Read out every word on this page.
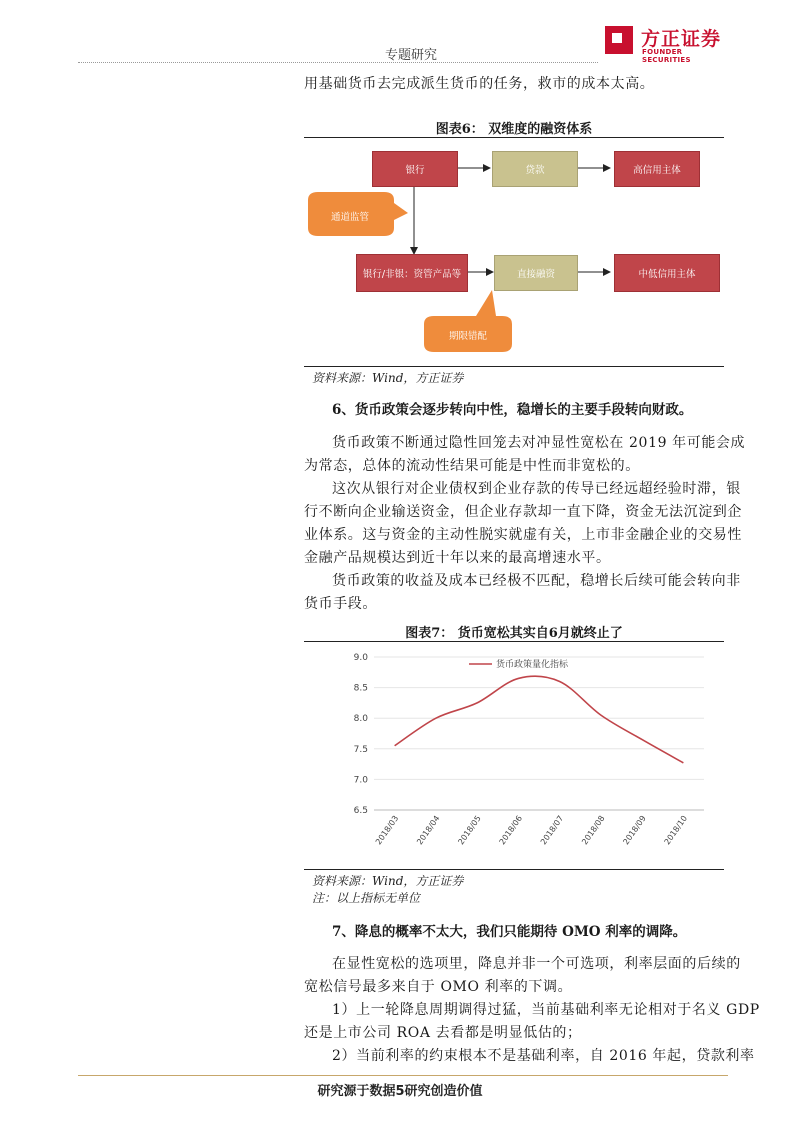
专题研究
方正证券
FOUNDER SECURITIES
用基础货币去完成派生货币的任务，救市的成本太高。
图表6： 双维度的融资体系
银行	贷款	高信用主体
通道监管
银行/非银：资管产品等	直接融资	中低信用主体
期限错配
资料来源：Wind，方正证券
6、货币政策会逐步转向中性，稳增长的主要手段转向财政。
货币政策不断通过隐性回笼去对冲显性宽松在 2019 年可能会成
为常态，总体的流动性结果可能是中性而非宽松的。
这次从银行对企业债权到企业存款的传导已经远超经验时滞，银
行不断向企业输送资金，但企业存款却一直下降，资金无法沉淀到企
业体系。这与资金的主动性脱实就虚有关，上市非金融企业的交易性
金融产品规模达到近十年以来的最高增速水平。
货币政策的收益及成本已经极不匹配，稳增长后续可能会转向非
货币手段。
图表7： 货币宽松其实自6月就终止了
9.0
8.5
8.0
7.5
7.0
6.5
2018/03 2018/04 2018/05 2018/06 2018/07 2018/08 2018/09 2018/10
货币政策量化指标
资料来源：Wind，方正证券
注：以上指标无单位
7、降息的概率不太大，我们只能期待 OMO 利率的调降。
在显性宽松的选项里，降息并非一个可选项，利率层面的后续的
宽松信号最多来自于 OMO 利率的下调。
1）上一轮降息周期调得过猛，当前基础利率无论相对于名义 GDP
还是上市公司 ROA 去看都是明显低估的；
2）当前利率的约束根本不是基础利率，自 2016 年起，贷款利率
研究源于数据5研究创造价值
